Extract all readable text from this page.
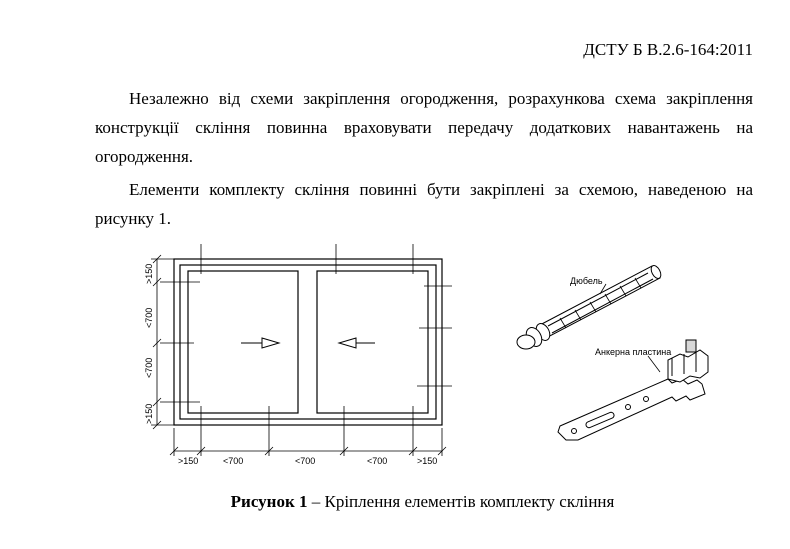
ДСТУ Б В.2.6-164:2011

Незалежно від схеми закріплення огородження, розрахункова схема закріплення конструкції скління повинна враховувати передачу додаткових навантажень на огородження.

Елементи комплекту скління повинні бути закріплені за схемою, наведеною на рисунку 1.

>150	<700	<700	<700	>150
>150
<700
<700
>150
Дюбель
Анкерна пластина
Рисунок 1 – Кріплення елементів комплекту скління
